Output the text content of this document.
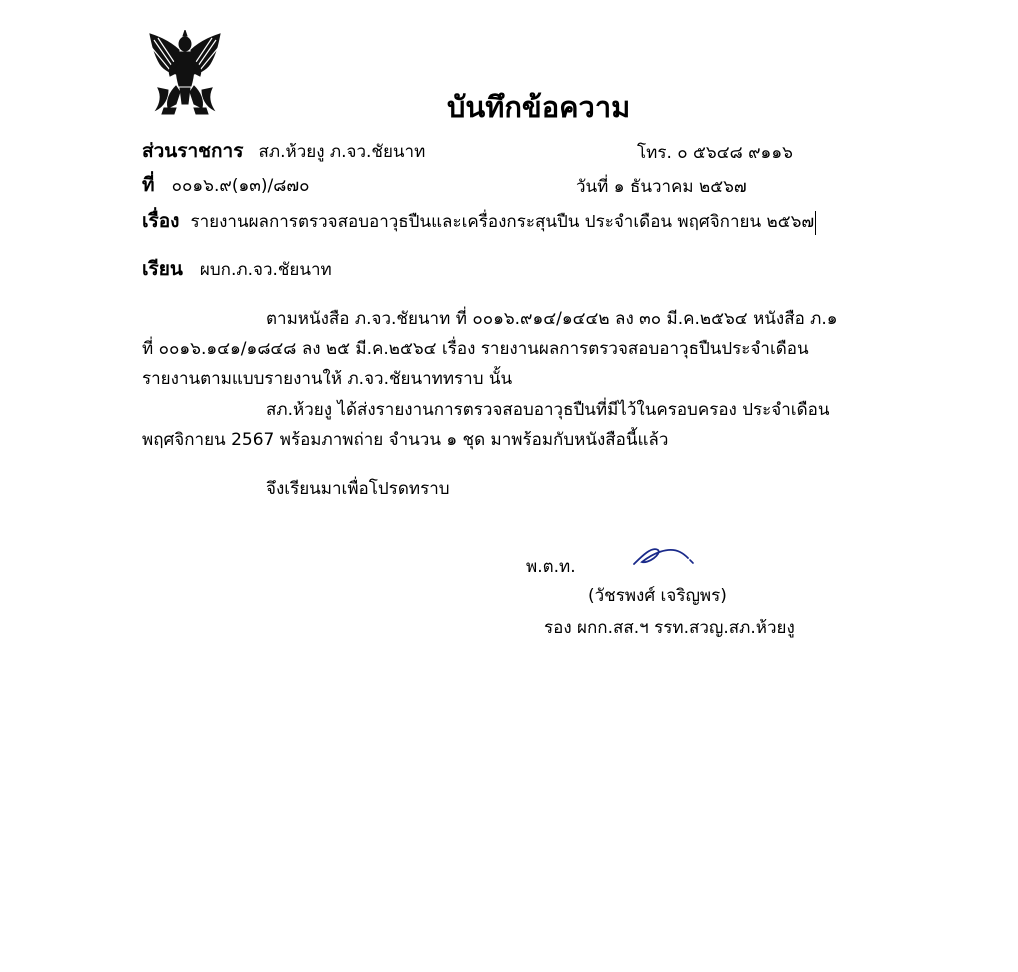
บันทึกข้อความ
ส่วนราชการ สภ.ห้วยงู ภ.จว.ชัยนาท	โทร. ๐ ๕๖๔๘ ๙๑๑๖
ที่ ๐๐๑๖.๙(๑๓)/๘๗๐	วันที่ ๑ ธันวาคม ๒๕๖๗
เรื่อง รายงานผลการตรวจสอบอาวุธปืนและเครื่องกระสุนปืน ประจำเดือน พฤศจิกายน ๒๕๖๗
เรียน ผบก.ภ.จว.ชัยนาท
ตามหนังสือ ภ.จว.ชัยนาท ที่ ๐๐๑๖.๙๑๔/๑๔๔๒ ลง ๓๐ มี.ค.๒๕๖๔ หนังสือ ภ.๑
ที่ ๐๐๑๖.๑๔๑/๑๘๔๘ ลง ๒๕ มี.ค.๒๕๖๔ เรื่อง รายงานผลการตรวจสอบอาวุธปืนประจำเดือน
รายงานตามแบบรายงานให้ ภ.จว.ชัยนาททราบ นั้น
สภ.ห้วยงู ได้ส่งรายงานการตรวจสอบอาวุธปืนที่มีไว้ในครอบครอง ประจำเดือน
พฤศจิกายน 2567 พร้อมภาพถ่าย จำนวน ๑ ชุด มาพร้อมกับหนังสือนี้แล้ว
จึงเรียนมาเพื่อโปรดทราบ
พ.ต.ท.
(วัชรพงศ์ เจริญพร)
รอง ผกก.สส.ฯ รรท.สวญ.สภ.ห้วยงู
